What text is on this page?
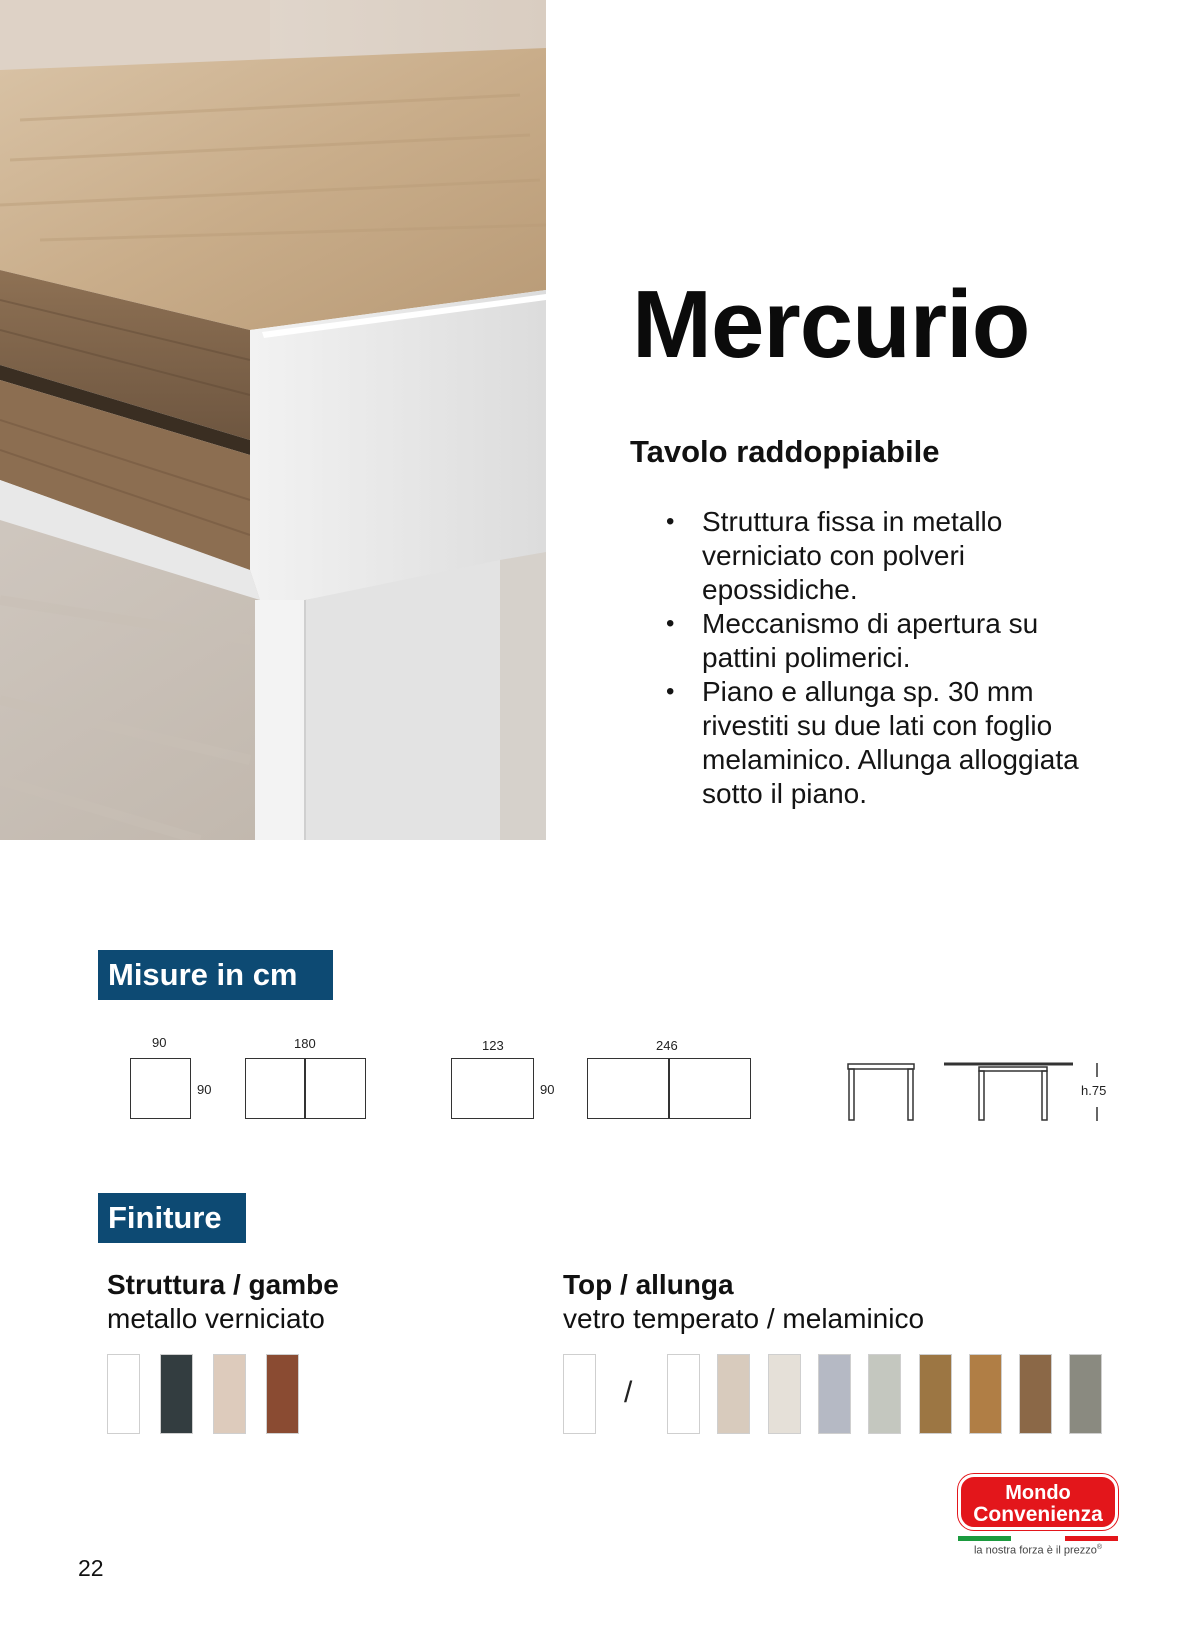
Mercurio
Tavolo raddoppiabile
• Struttura fissa in metallo verniciato con polveri epossidiche.
• Meccanismo di apertura su pattini polimerici.
• Piano e allunga sp. 30 mm rivestiti su due lati con foglio melaminico. Allunga alloggiata sotto il piano.
Misure in cm
90
90
180	123
90
246
h.75
Finiture
Struttura / gambe
metallo verniciato
Top / allunga
vetro temperato / melaminico
/
Mondo
Convenienza
la nostra forza è il prezzo®
22
